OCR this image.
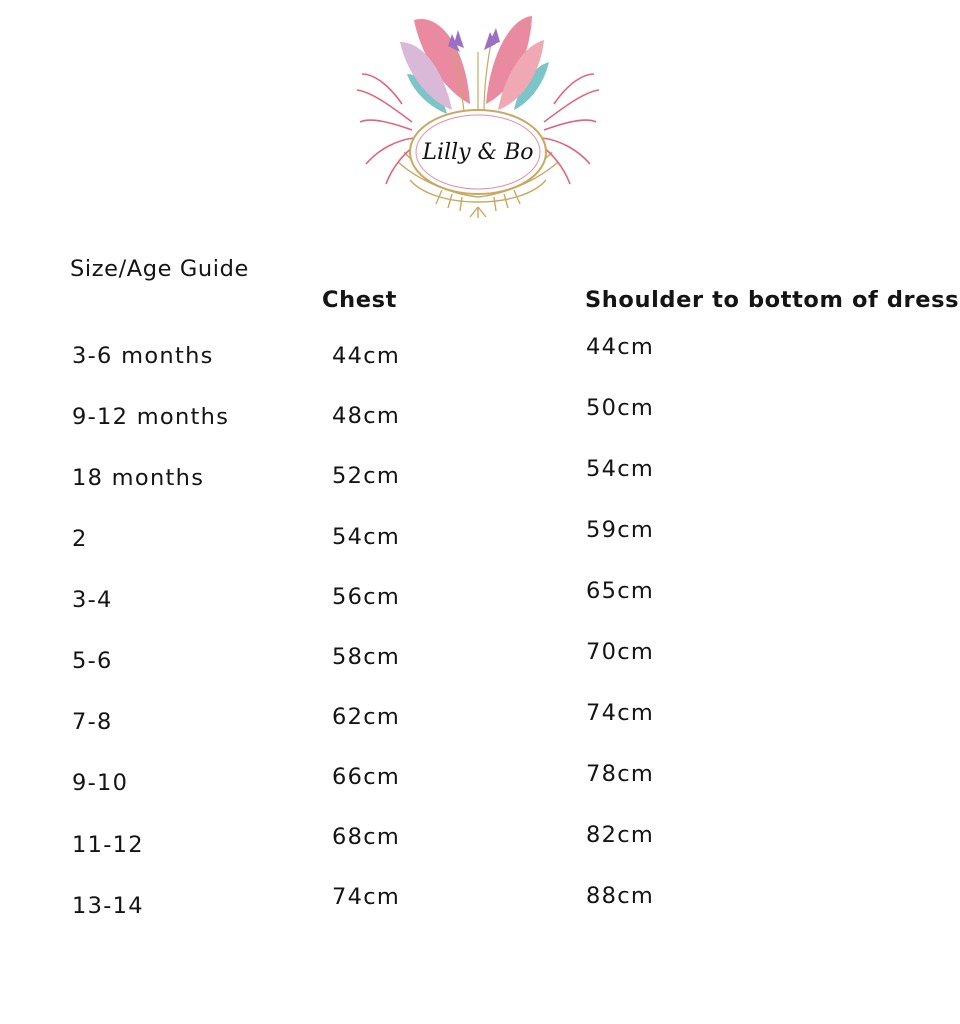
Lilly & Bo
Size/Age Guide
Chest	Shoulder to bottom of dress
3-6 months	44cm	44cm
9-12 months	48cm	50cm
18 months	52cm	54cm
2	54cm	59cm
3-4	56cm	65cm
5-6	58cm	70cm
7-8	62cm	74cm
9-10	66cm	78cm
11-12	68cm	82cm
13-14	74cm	88cm
